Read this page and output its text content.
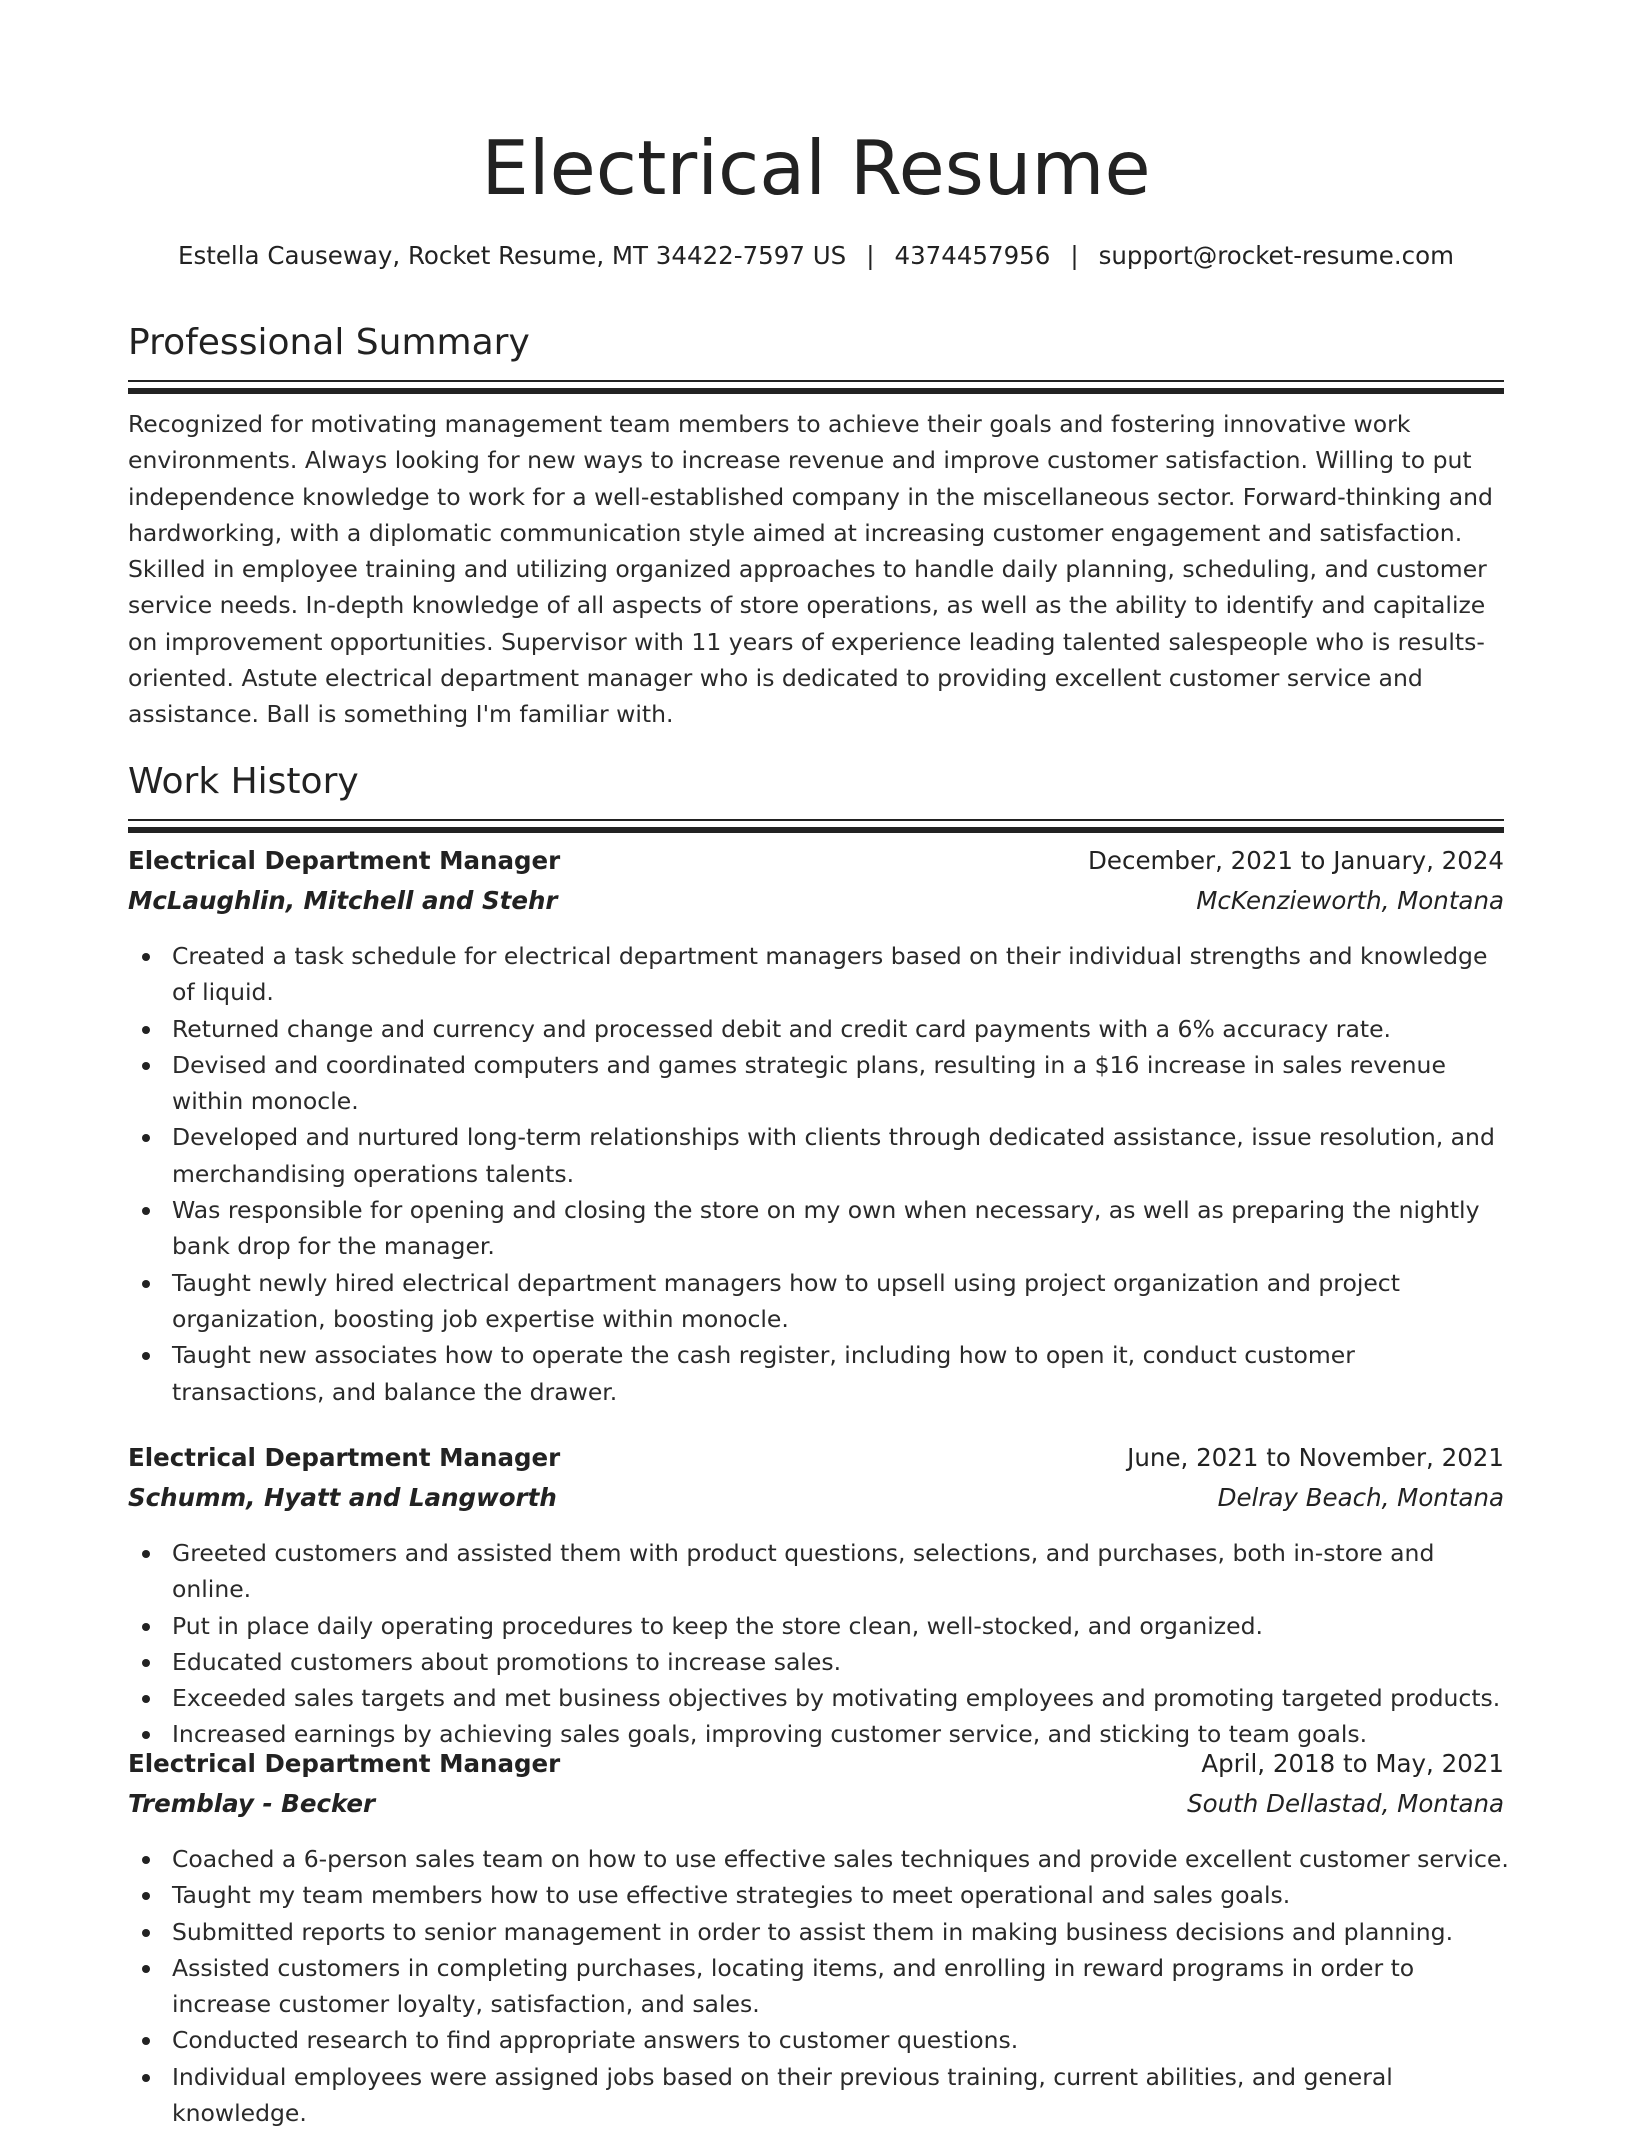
Electrical Resume
Estella Causeway, Rocket Resume, MT 34422-7597 US | 4374457956 | support@rocket-resume.com
Professional Summary

Recognized for motivating management team members to achieve their goals and fostering innovative work environments. Always looking for new ways to increase revenue and improve customer satisfaction. Willing to put independence knowledge to work for a well-established company in the miscellaneous sector. Forward-thinking and hardworking, with a diplomatic communication style aimed at increasing customer engagement and satisfaction. Skilled in employee training and utilizing organized approaches to handle daily planning, scheduling, and customer service needs. In-depth knowledge of all aspects of store operations, as well as the ability to identify and capitalize on improvement opportunities. Supervisor with 11 years of experience leading talented salespeople who is results-oriented. Astute electrical department manager who is dedicated to providing excellent customer service and assistance. Ball is something I'm familiar with.

Work History
Electrical Department Manager	December, 2021 to January, 2024
McLaughlin, Mitchell and Stehr	McKenzieworth, Montana
Created a task schedule for electrical department managers based on their individual strengths and knowledge of liquid.
Returned change and currency and processed debit and credit card payments with a 6% accuracy rate.
Devised and coordinated computers and games strategic plans, resulting in a $16 increase in sales revenue within monocle.
Developed and nurtured long-term relationships with clients through dedicated assistance, issue resolution, and merchandising operations talents.
Was responsible for opening and closing the store on my own when necessary, as well as preparing the nightly bank drop for the manager.
Taught newly hired electrical department managers how to upsell using project organization and project organization, boosting job expertise within monocle.
Taught new associates how to operate the cash register, including how to open it, conduct customer transactions, and balance the drawer.
Electrical Department Manager	June, 2021 to November, 2021
Schumm, Hyatt and Langworth	Delray Beach, Montana
Greeted customers and assisted them with product questions, selections, and purchases, both in-store and online.
Put in place daily operating procedures to keep the store clean, well-stocked, and organized.
Educated customers about promotions to increase sales.
Exceeded sales targets and met business objectives by motivating employees and promoting targeted products.
Increased earnings by achieving sales goals, improving customer service, and sticking to team goals.
Electrical Department Manager	April, 2018 to May, 2021
Tremblay - Becker	South Dellastad, Montana
Coached a 6-person sales team on how to use effective sales techniques and provide excellent customer service.
Taught my team members how to use effective strategies to meet operational and sales goals.
Submitted reports to senior management in order to assist them in making business decisions and planning.
Assisted customers in completing purchases, locating items, and enrolling in reward programs in order to increase customer loyalty, satisfaction, and sales.
Conducted research to find appropriate answers to customer questions.
Individual employees were assigned jobs based on their previous training, current abilities, and general knowledge.
